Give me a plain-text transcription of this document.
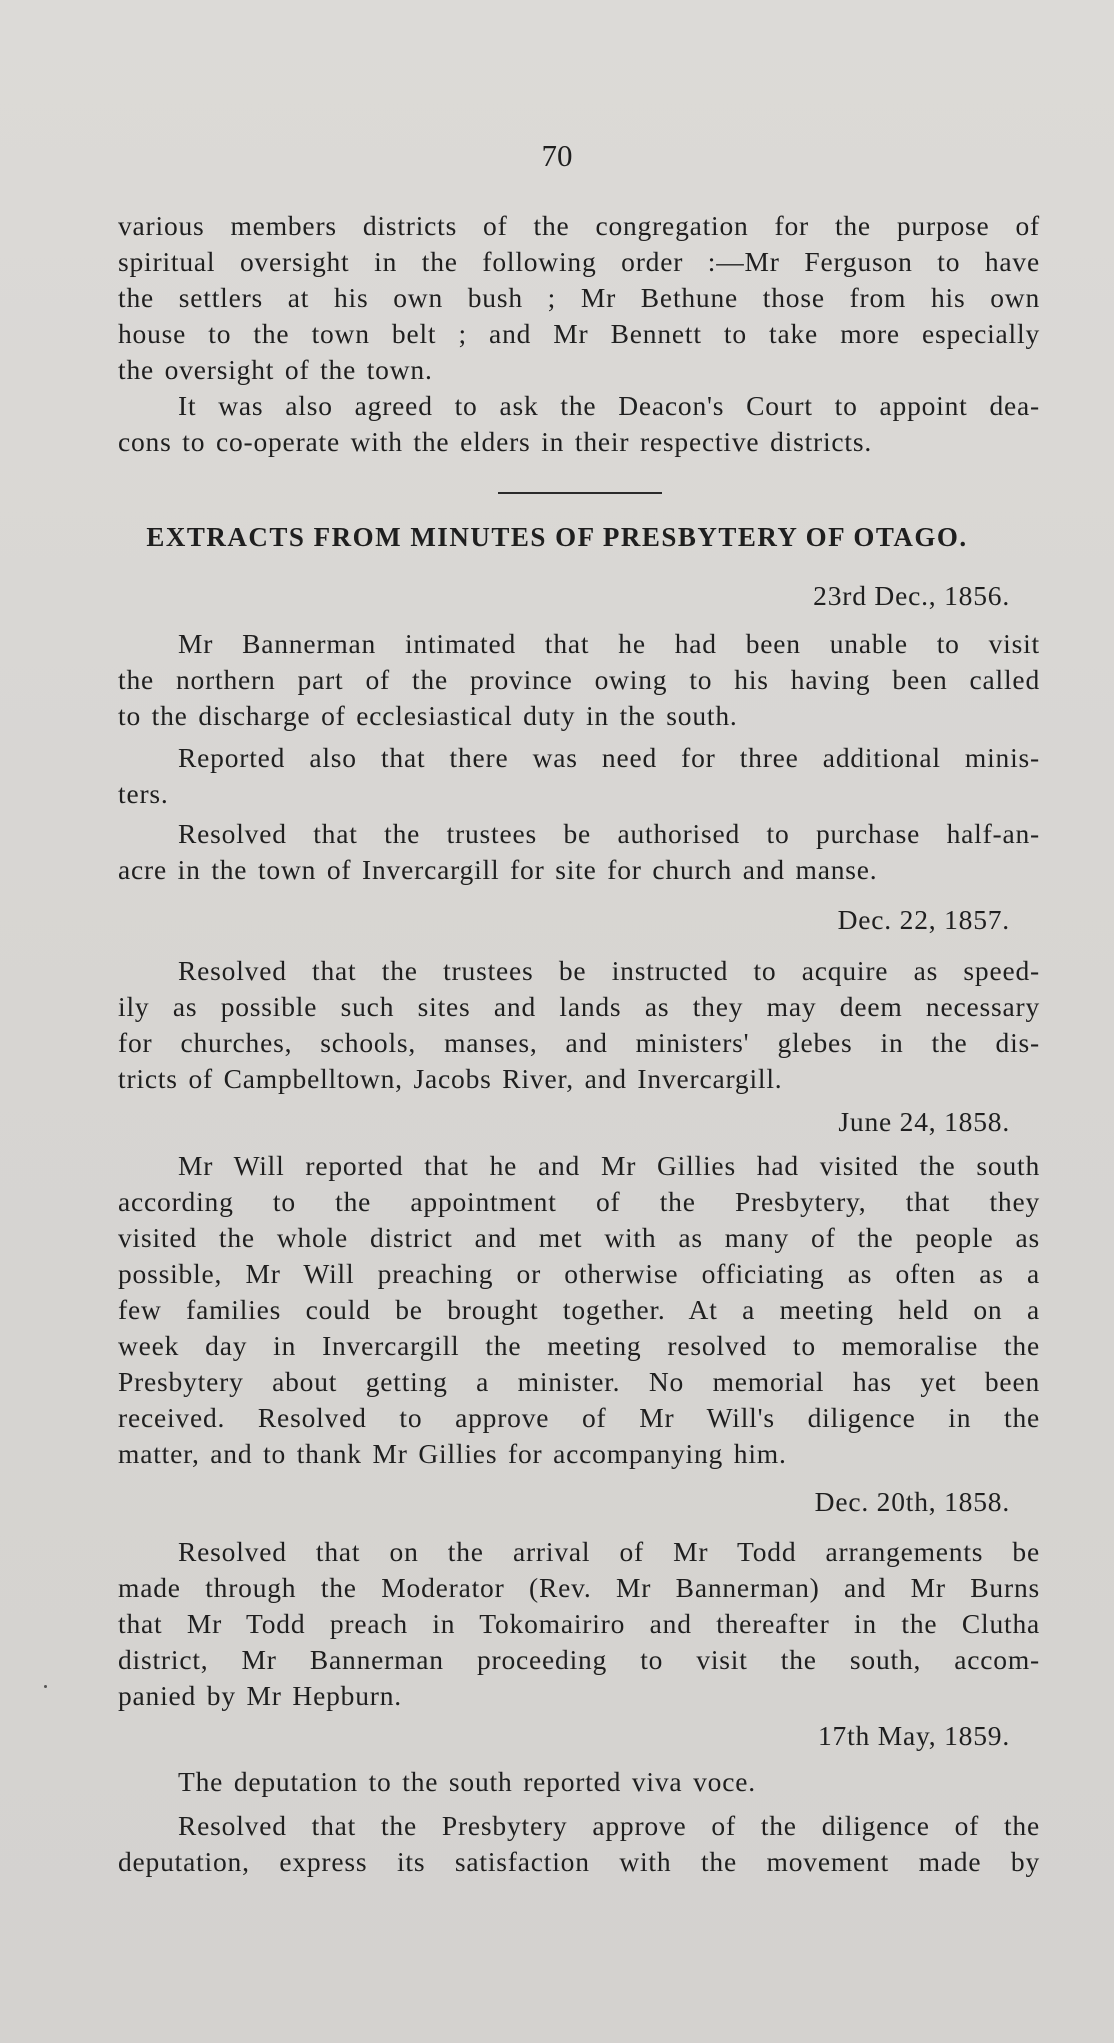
70
various members districts of the congregation for the purpose of
spiritual oversight in the following order :—Mr Ferguson to have
the settlers at his own bush ; Mr Bethune those from his own
house to the town belt ; and Mr Bennett to take more especially
the oversight of the town.
It was also agreed to ask the Deacon's Court to appoint dea-
cons to co-operate with the elders in their respective districts.
EXTRACTS FROM MINUTES OF PRESBYTERY OF OTAGO.
23rd Dec., 1856.
Mr Bannerman intimated that he had been unable to visit
the northern part of the province owing to his having been called
to the discharge of ecclesiastical duty in the south.
Reported also that there was need for three additional minis-
ters.
Resolved that the trustees be authorised to purchase half-an-
acre in the town of Invercargill for site for church and manse.
Dec. 22, 1857.
Resolved that the trustees be instructed to acquire as speed-
ily as possible such sites and lands as they may deem necessary
for churches, schools, manses, and ministers' glebes in the dis-
tricts of Campbelltown, Jacobs River, and Invercargill.
June 24, 1858.
Mr Will reported that he and Mr Gillies had visited the south
according to the appointment of the Presbytery, that they
visited the whole district and met with as many of the people as
possible, Mr Will preaching or otherwise officiating as often as a
few families could be brought together. At a meeting held on a
week day in Invercargill the meeting resolved to memoralise the
Presbytery about getting a minister. No memorial has yet been
received. Resolved to approve of Mr Will's diligence in the
matter, and to thank Mr Gillies for accompanying him.
Dec. 20th, 1858.
Resolved that on the arrival of Mr Todd arrangements be
made through the Moderator (Rev. Mr Bannerman) and Mr Burns
that Mr Todd preach in Tokomairiro and thereafter in the Clutha
district, Mr Bannerman proceeding to visit the south, accom-
panied by Mr Hepburn.
17th May, 1859.
The deputation to the south reported viva voce.
Resolved that the Presbytery approve of the diligence of the
deputation, express its satisfaction with the movement made by
